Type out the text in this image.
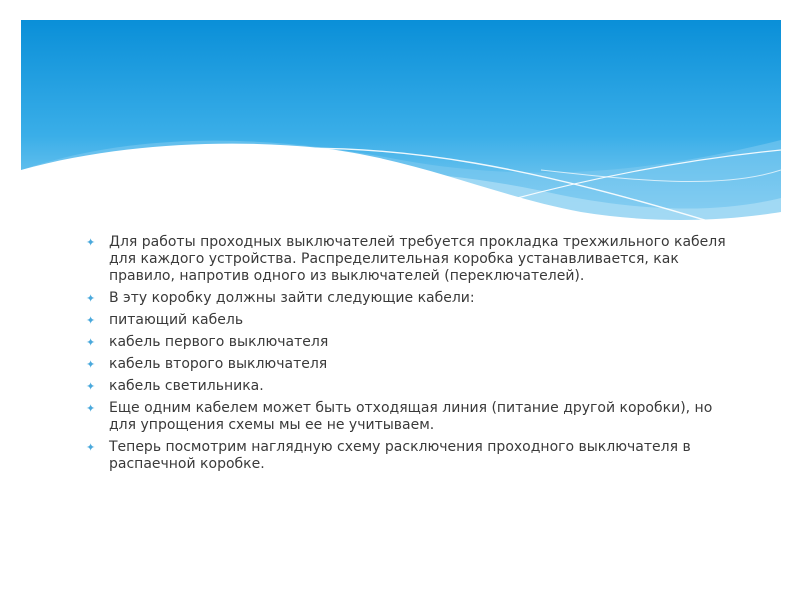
✦ Для работы проходных выключателей требуется прокладка трехжильного кабеля для каждого устройства. Распределительная коробка устанавливается, как правило, напротив одного из выключателей (переключателей).
✦ В эту коробку должны зайти следующие кабели:
✦ питающий кабель
✦ кабель первого выключателя
✦ кабель второго выключателя
✦ кабель светильника.
✦ Еще одним кабелем может быть отходящая линия (питание другой коробки), но для упрощения схемы мы ее не учитываем.
✦ Теперь посмотрим наглядную схему расключения проходного выключателя в распаечной коробке.
